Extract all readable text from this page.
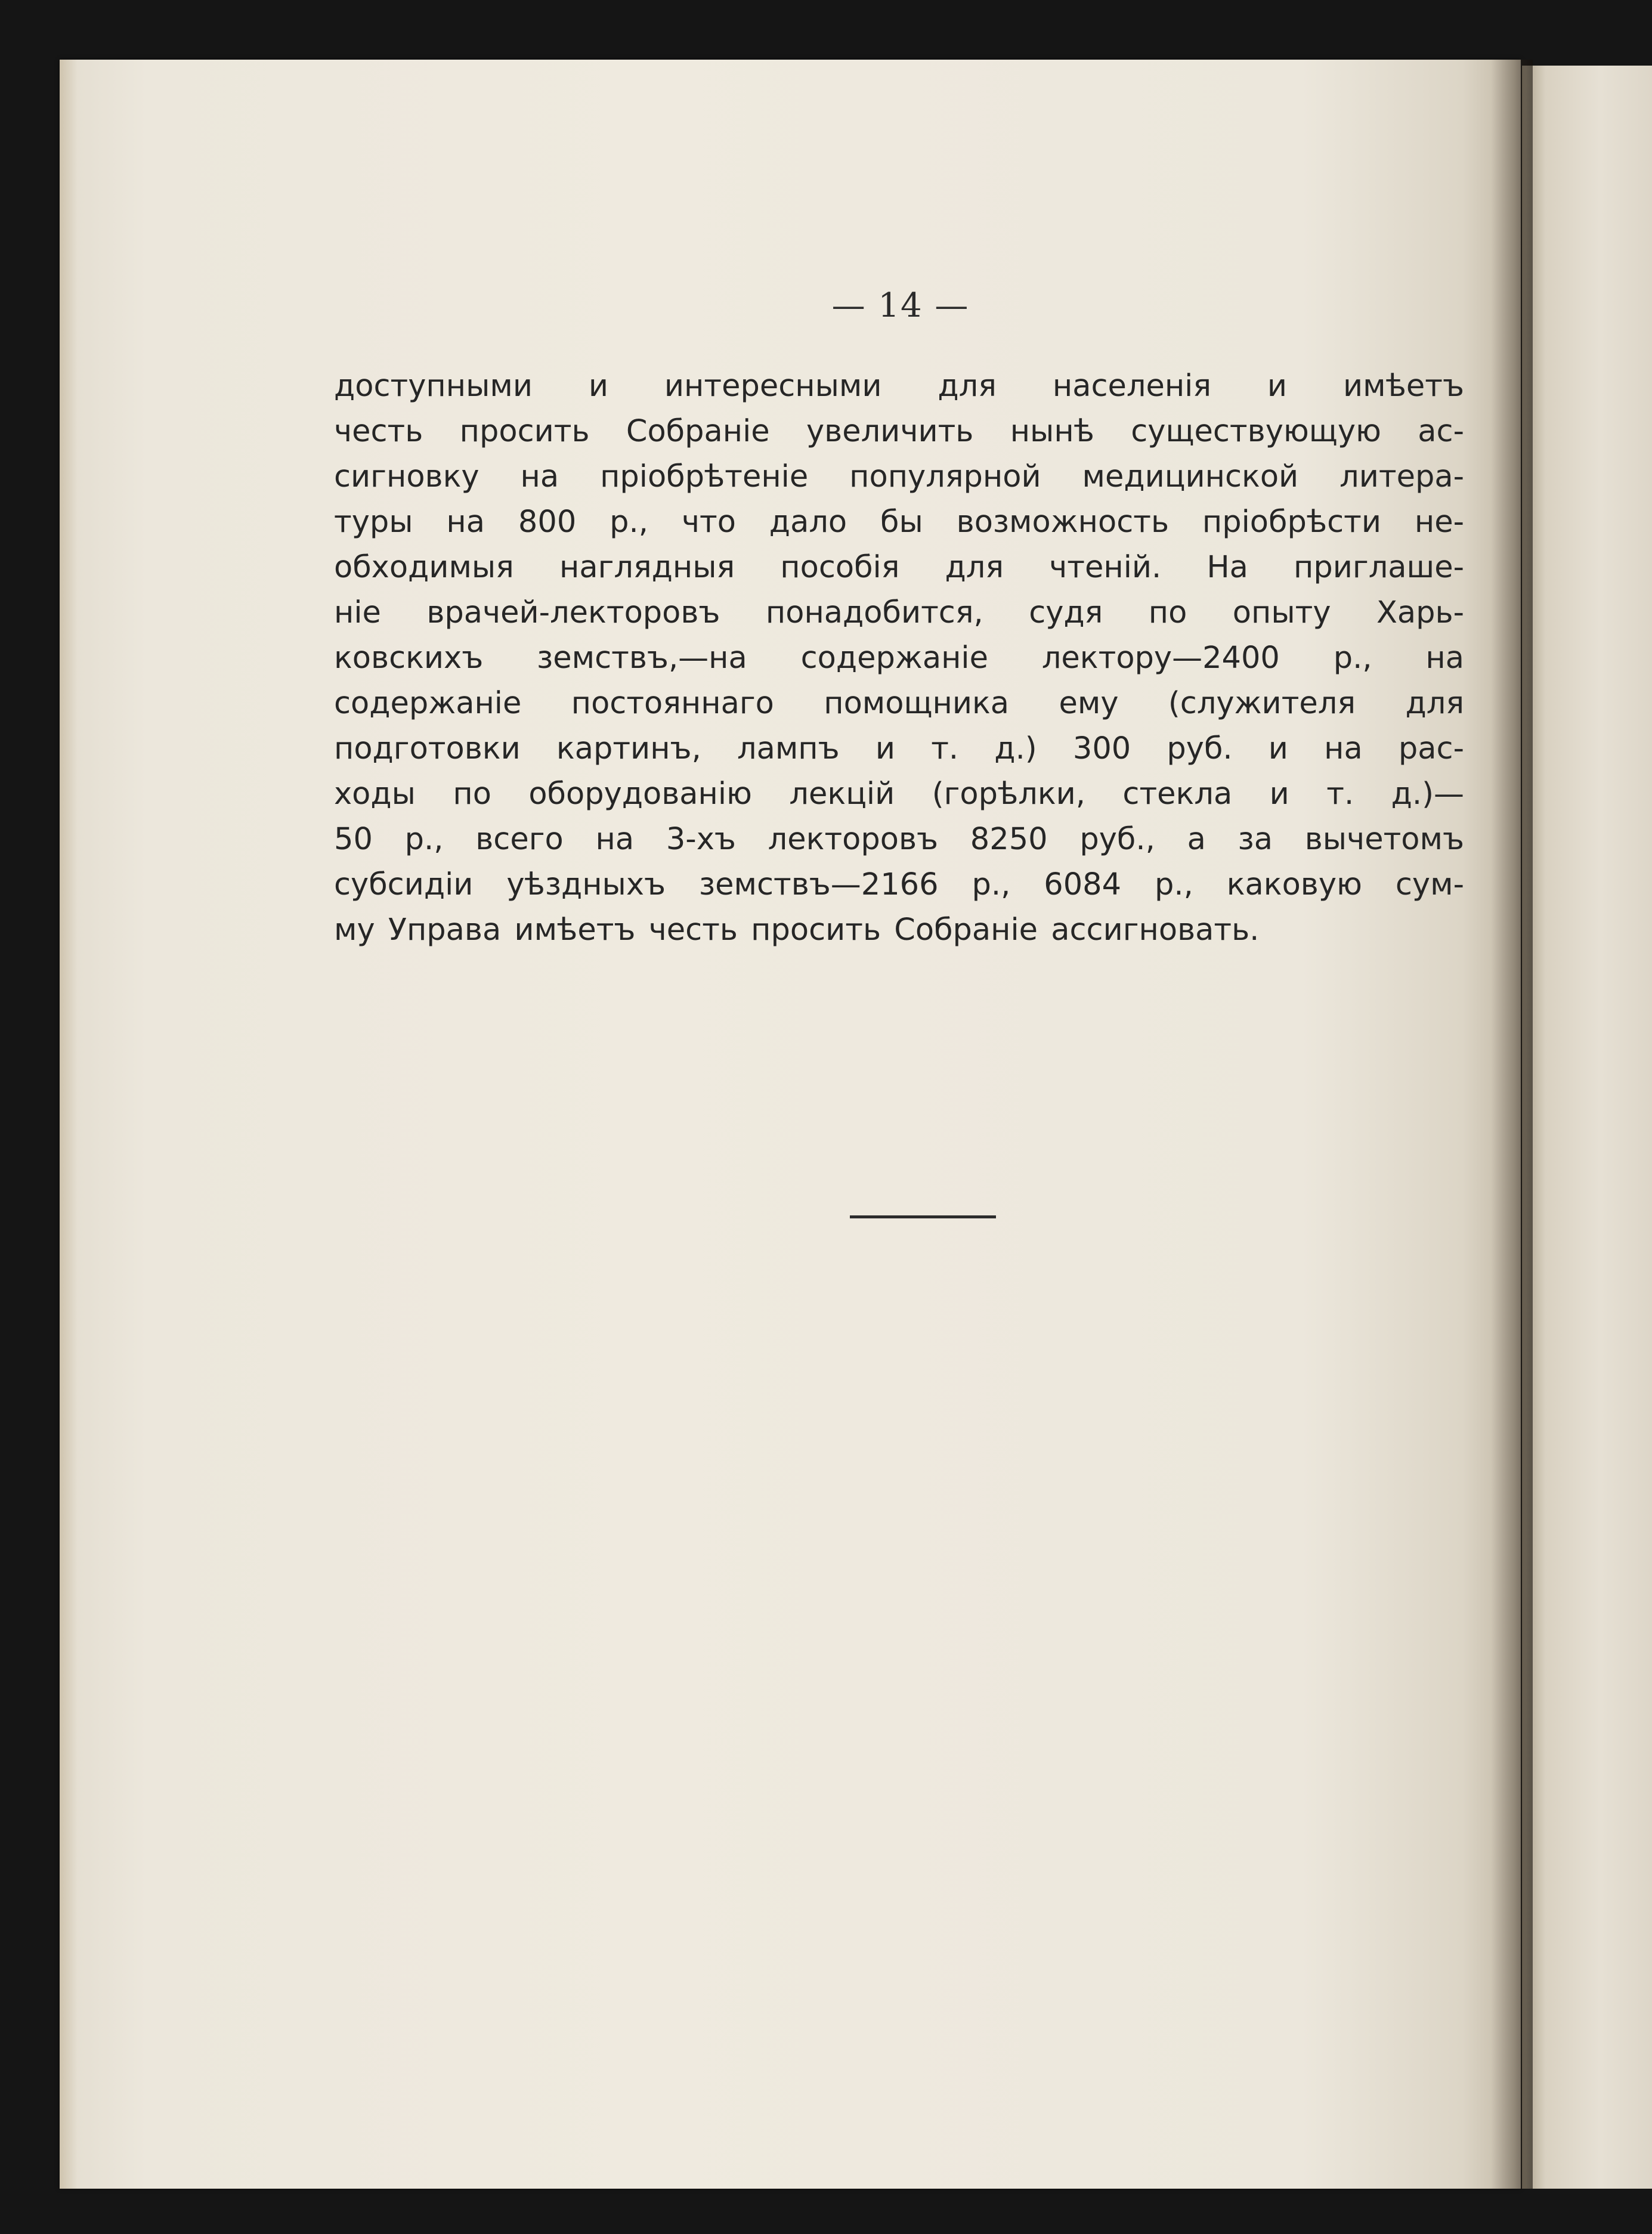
— 14 —
доступными и интересными для населенія и имѣетъ
честь просить Собраніе увеличить нынѣ существующую ас-
сигновку на пріобрѣтеніе популярной медицинской литера-
туры на 800 р., что дало бы возможность пріобрѣсти не-
обходимыя наглядныя пособія для чтеній. На приглаше-
ніе врачей-лекторовъ понадобится, судя по опыту Харь-
ковскихъ земствъ,—на содержаніе лектору—2400 р., на
содержаніе постояннаго помощника ему (служителя для
подготовки картинъ, лампъ и т. д.) 300 руб. и на рас-
ходы по оборудованію лекцій (горѣлки, стекла и т. д.)—
50 р., всего на 3-хъ лекторовъ 8250 руб., а за вычетомъ
субсидіи уѣздныхъ земствъ—2166 р., 6084 р., каковую сум-
му Управа имѣетъ честь просить Собраніе ассигновать.
